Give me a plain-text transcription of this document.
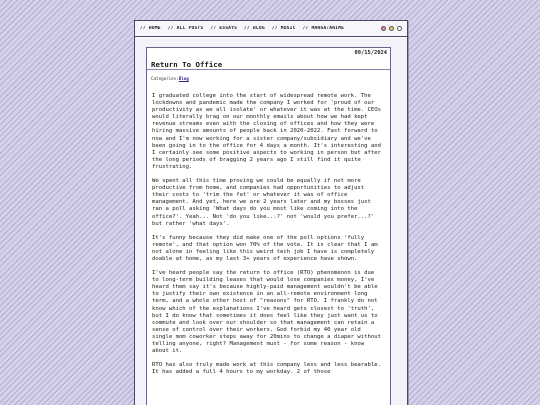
// HOME // ALL POSTS // ESSAYS // BLOG // MUSIC // MANGA/ANIME
09/15/2024
Return To Office
Categories:Blog

I graduated college into the start of widespread remote work. The lockdowns and pandemic made the company I worked for 'proud of our productivity as we all isolate' or whatever it was at the time. CEOs would literally brag on our monthly emails about how we had kept revenue streams even with the closing of offices and how they were hiring massive amounts of people back in 2020-2022. Fast forward to now and I'm now working for a sister company/subsidiary and we've been going in to the office for 4 days a month. It's interesting and I certainly see some positive aspects to working in person but after the long periods of bragging 2 years ago I still find it quite frustrating.

We spent all this time proving we could be equally if not more productive from home, and companies had opportunities to adjust their costs to 'trim the fat' or whatever it was of office management. And yet, here we are 2 years later and my bosses just ran a poll asking 'What days do you most like coming into the office?'. Yeah... Not 'do you like...?' not 'would you prefer...?' but rather 'what days'.

It's funny because they did make one of the poll options 'fully remote', and that option won 70% of the vote. It is clear that I am not alone in feeling like this weird tech job I have is completely doable at home, as my last 3+ years of experience have shown.

I've heard people say the return to office (RTO) phenomenon is due to long-term building leases that would lose companies money, I've heard them say it's because highly-paid management wouldn't be able to justify their own existence in an all-remote environment long term, and a whole other host of "reasons" for RTO. I frankly do not know which of the explanations I've heard gets closest to 'truth', but I do know that sometimes it does feel like they just want us to commute and look over our shoulder so that management can retain a sense of control over their workers. God forbid my 40 year old single mom coworker steps away for 20mins to change a diaper without telling anyone, right? Management must - for some reason - know about it.

RTO has also truly made work at this company less and less bearable. It has added a full 4 hours to my workday. 2 of those
